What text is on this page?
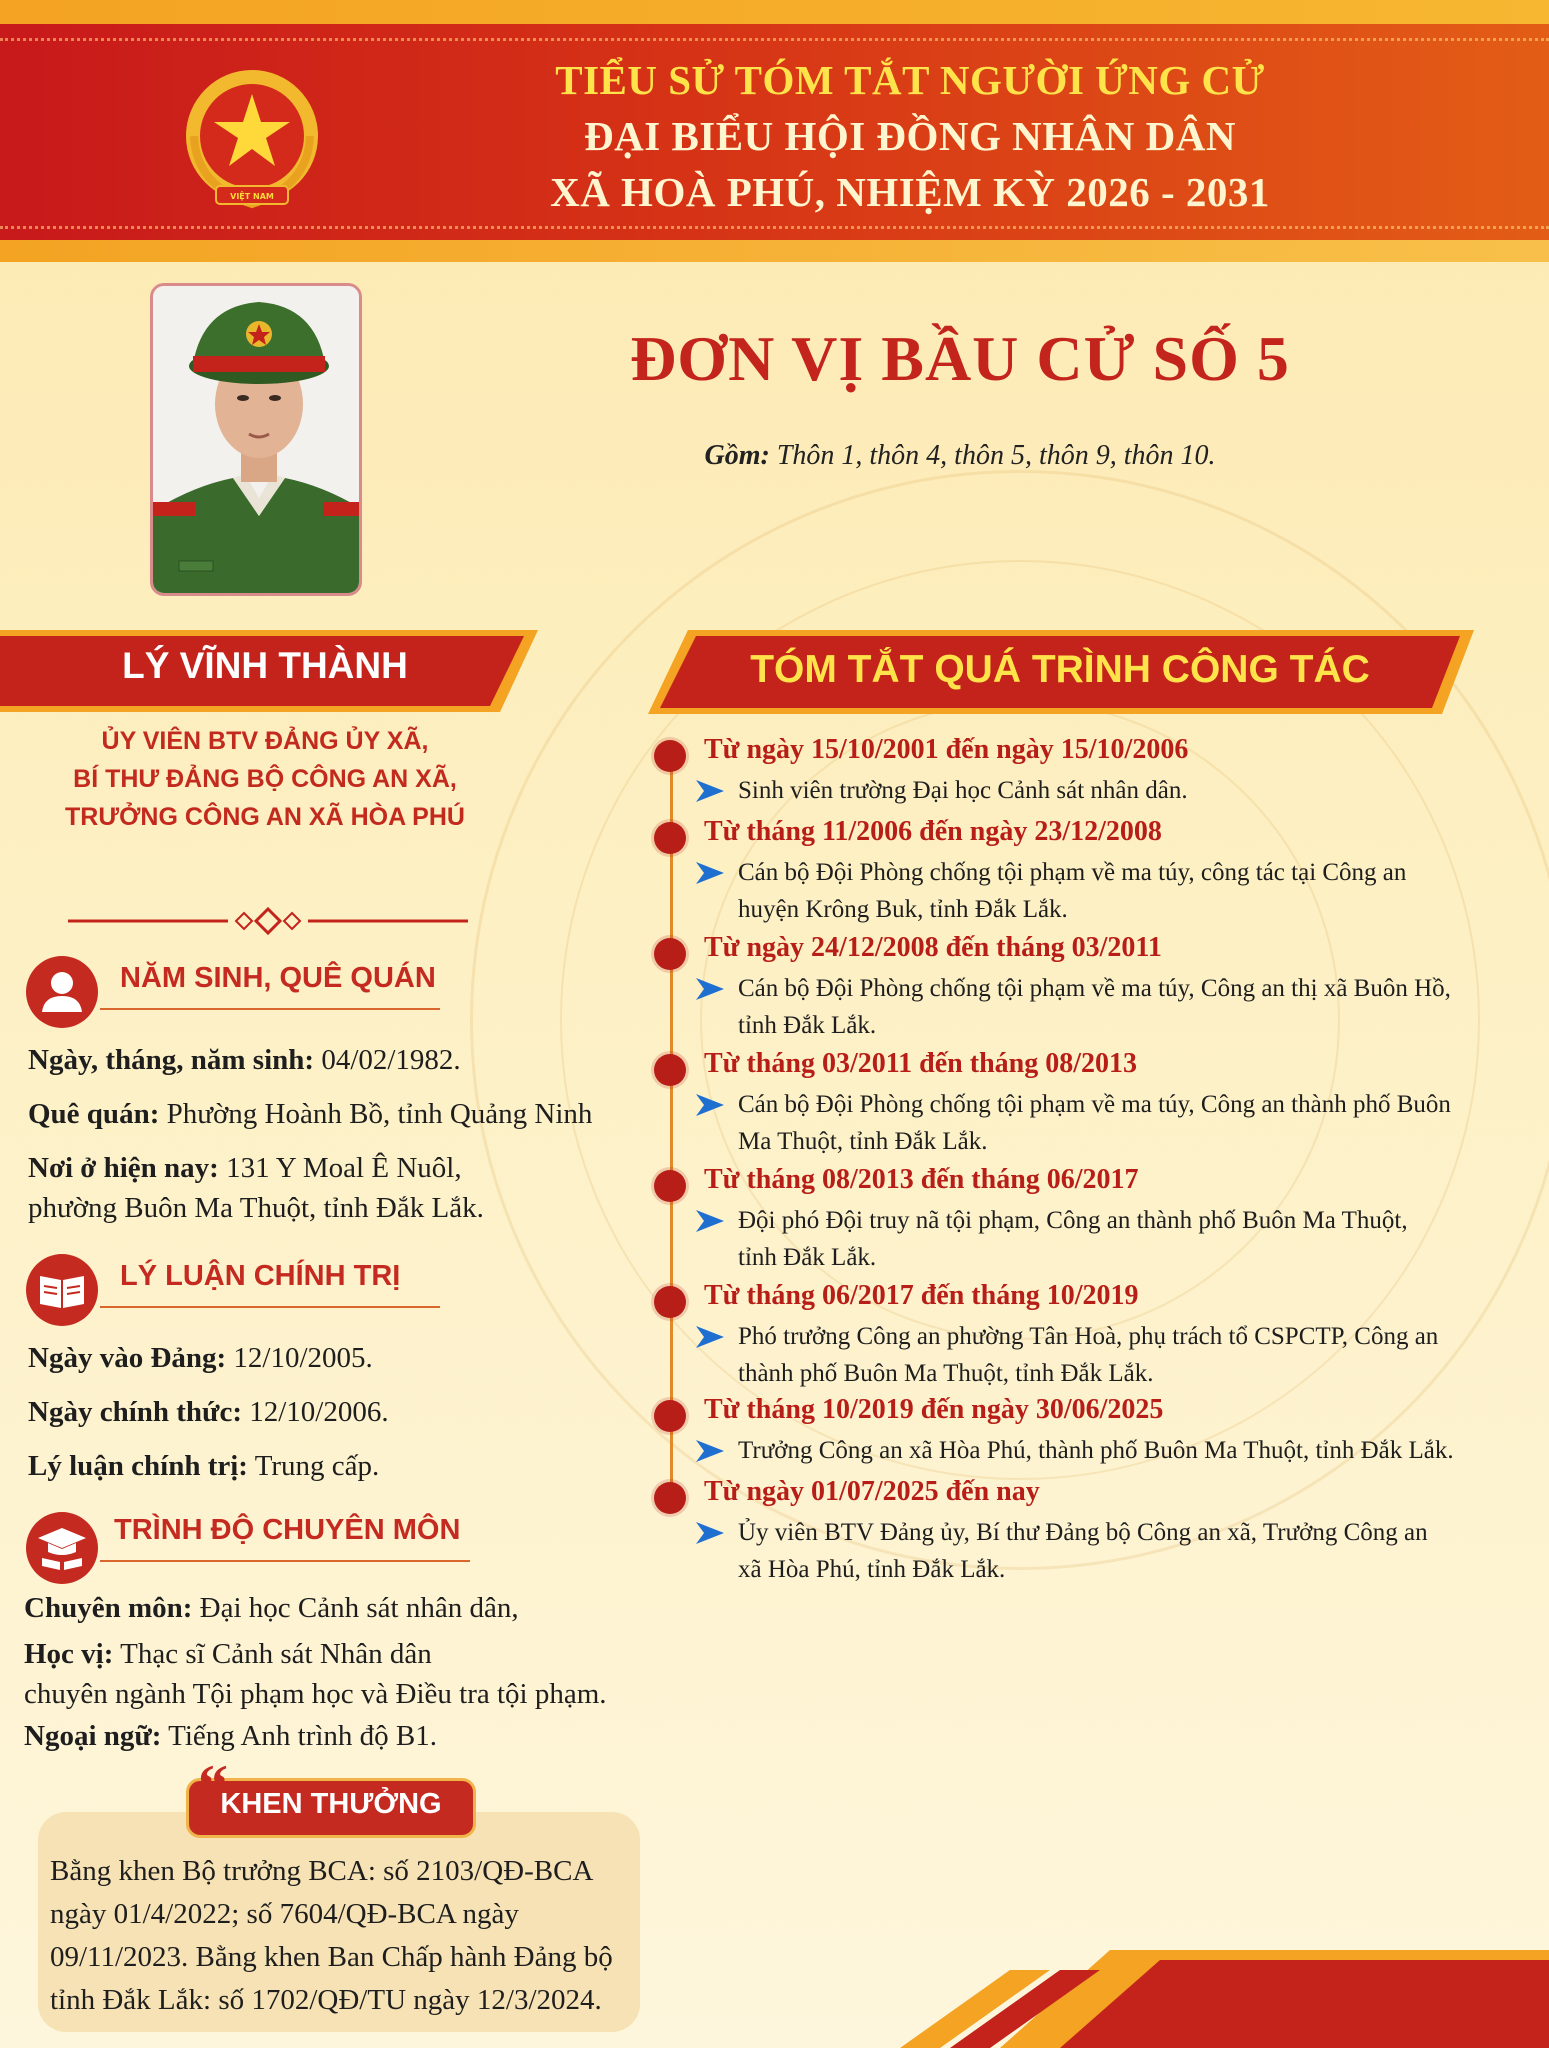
VIỆT NAM
TIỂU SỬ TÓM TẮT NGƯỜI ỨNG CỬ
ĐẠI BIỂU HỘI ĐỒNG NHÂN DÂN
XÃ HOÀ PHÚ, NHIỆM KỲ 2026 - 2031
ĐƠN VỊ BẦU CỬ SỐ 5
Gồm: Thôn 1, thôn 4, thôn 5, thôn 9, thôn 10.
LÝ VĨNH THÀNH
ỦY VIÊN BTV ĐẢNG ỦY XÃ,
BÍ THƯ ĐẢNG BỘ CÔNG AN XÃ,
TRƯỞNG CÔNG AN XÃ HÒA PHÚ
NĂM SINH, QUÊ QUÁN
Ngày, tháng, năm sinh: 04/02/1982.
Quê quán: Phường Hoành Bồ, tỉnh Quảng Ninh
Nơi ở hiện nay: 131 Y Moal Ê Nuôl,
phường Buôn Ma Thuột, tỉnh Đắk Lắk.
LÝ LUẬN CHÍNH TRỊ
Ngày vào Đảng: 12/10/2005.
Ngày chính thức: 12/10/2006.
Lý luận chính trị: Trung cấp.
TRÌNH ĐỘ CHUYÊN MÔN
Chuyên môn: Đại học Cảnh sát nhân dân,
Học vị: Thạc sĩ Cảnh sát Nhân dân
chuyên ngành Tội phạm học và Điều tra tội phạm.
Ngoại ngữ: Tiếng Anh trình độ B1.
“
KHEN THƯỞNG
Bằng khen Bộ trưởng BCA: số 2103/QĐ-BCA
ngày 01/4/2022; số 7604/QĐ-BCA ngày
09/11/2023. Bằng khen Ban Chấp hành Đảng bộ
tỉnh Đắk Lắk: số 1702/QĐ/TU ngày 12/3/2024.
TÓM TẮT QUÁ TRÌNH CÔNG TÁC
Từ ngày 15/10/2001 đến ngày 15/10/2006
Sinh viên trường Đại học Cảnh sát nhân dân.
Từ tháng 11/2006 đến ngày 23/12/2008
Cán bộ Đội Phòng chống tội phạm về ma túy, công tác tại Công an
huyện Krông Buk, tỉnh Đắk Lắk.
Từ ngày 24/12/2008 đến tháng 03/2011
Cán bộ Đội Phòng chống tội phạm về ma túy, Công an thị xã Buôn Hồ,
tỉnh Đắk Lắk.
Từ tháng 03/2011 đến tháng 08/2013
Cán bộ Đội Phòng chống tội phạm về ma túy, Công an thành phố Buôn
Ma Thuột, tỉnh Đắk Lắk.
Từ tháng 08/2013 đến tháng 06/2017
Đội phó Đội truy nã tội phạm, Công an thành phố Buôn Ma Thuột,
tỉnh Đắk Lắk.
Từ tháng 06/2017 đến tháng 10/2019
Phó trưởng Công an phường Tân Hoà, phụ trách tổ CSPCTP, Công an
thành phố Buôn Ma Thuột, tỉnh Đắk Lắk.
Từ tháng 10/2019 đến ngày 30/06/2025
Trưởng Công an xã Hòa Phú, thành phố Buôn Ma Thuột, tỉnh Đắk Lắk.
Từ ngày 01/07/2025 đến nay
Ủy viên BTV Đảng ủy, Bí thư Đảng bộ Công an xã, Trưởng Công an
xã Hòa Phú, tỉnh Đắk Lắk.
